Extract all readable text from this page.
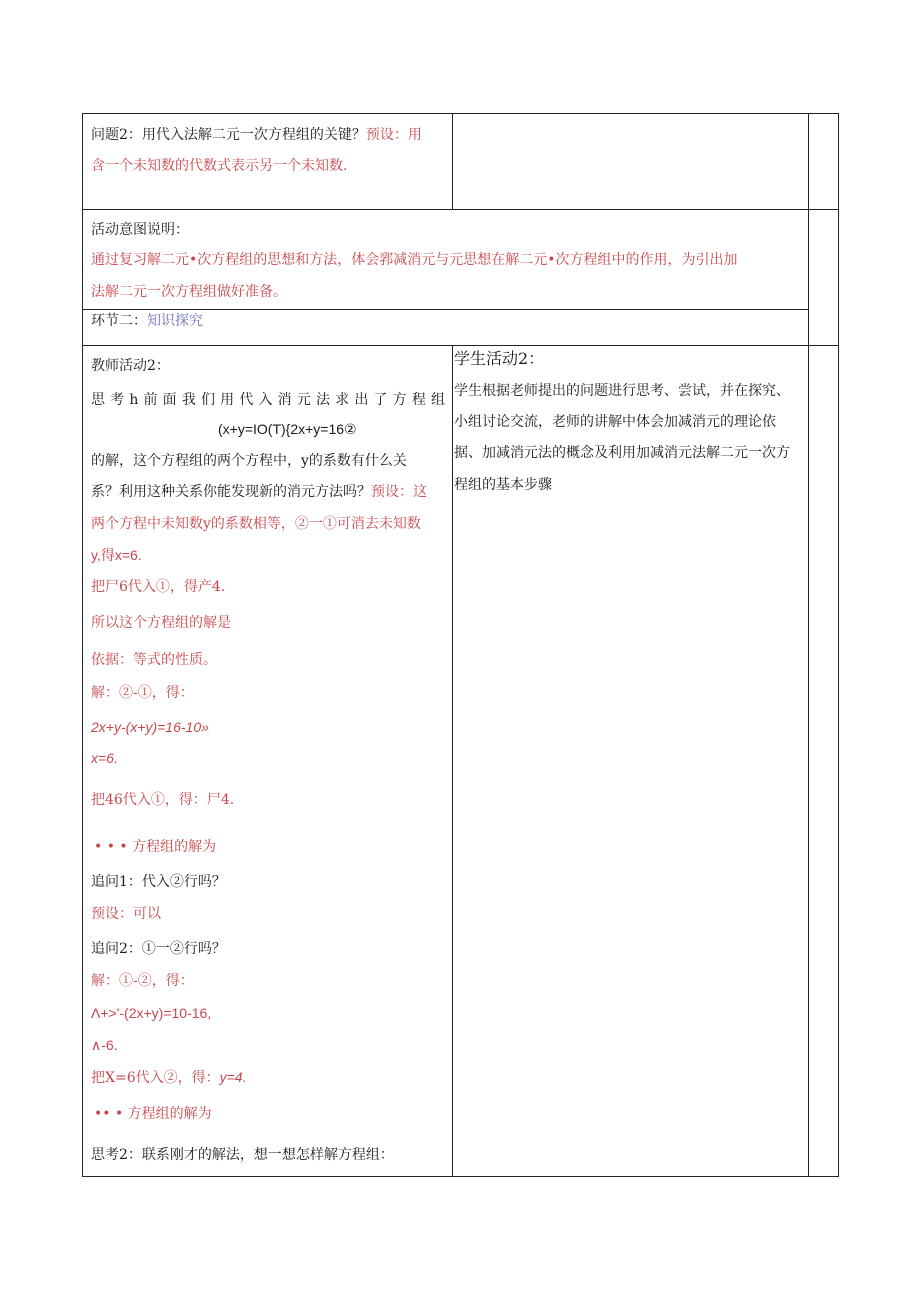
问题2：用代入法解二元一次方程组的关键？预设：用
含一个未知数的代数式表示另一个未知数.
活动意图说明：
通过复习解二元•次方程组的思想和方法，体会郛减消元与元思想在解二元•次方程组中的作用，为引出加
法解二元一次方程组做好准备。
环节二：知识探究
教师活动2：
思考h前面我们用代入消元法求出了方程组
(x+y=IO(T){2x+y=16②
的解，这个方程组的两个方程中，y的系数有什么关
系？利用这种关系你能发现新的消元方法吗？预设：这
两个方程中未知数y的系数相等，②一①可消去未知数
y,得x=6.
把尸6代入①，得产4.
所以这个方程组的解是
依据：等式的性质。
解：②-①，得：
2x+y-(x+y)=16-10»
x=6.
把46代入①，得：尸4.
• • • 方程组的解为
追问1：代入②行吗？
预设：可以
追问2：①一②行吗？
解：①-②，得：
Λ+>'-(2x+y)=10-16,
∧-6.
把X=6代入②，得：y=4.
•• • 方程组的解为
思考2：联系刚才的解法，想一想怎样解方程组：
学生活动2：
学生根据老师提出的问题进行思考、尝试，并在探究、
小组讨论交流，老师的讲解中体会加减消元的理论依
据、加减消元法的概念及利用加减消元法解二元一次方
程组的基本步骤
